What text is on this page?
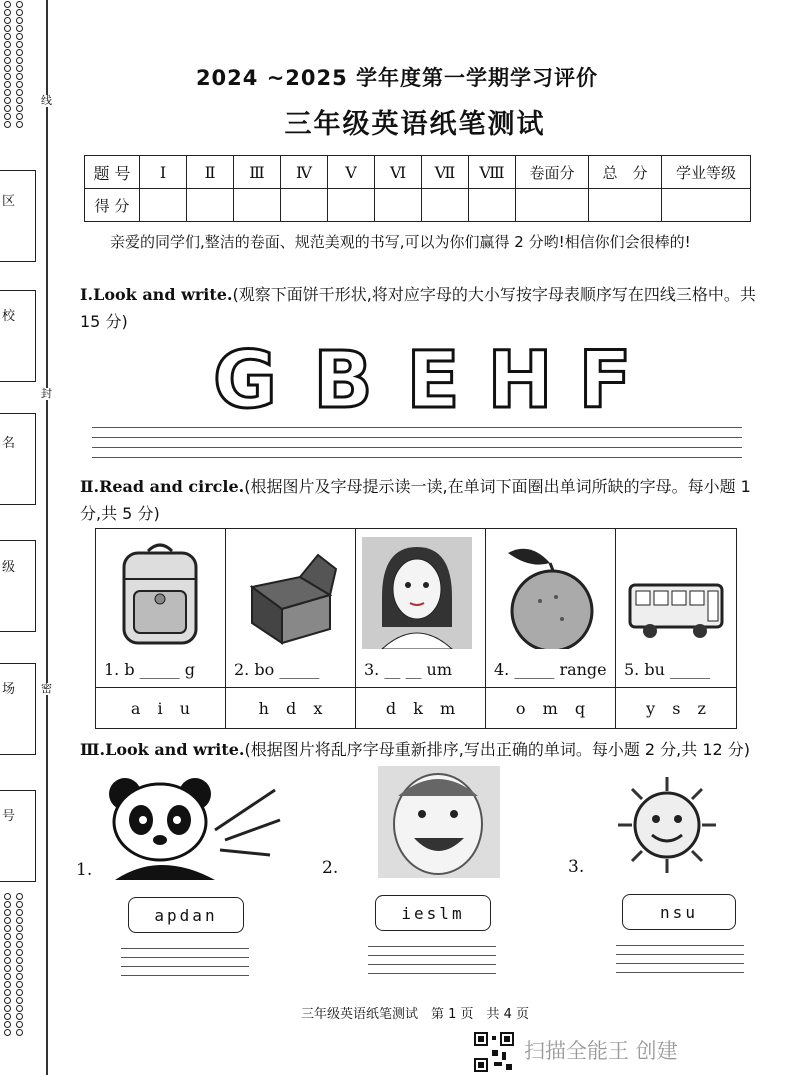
线
封
密
区
校
名
级
场
号
2024 ~2025 学年度第一学期学习评价
三年级英语纸笔测试
题 号	Ⅰ	Ⅱ	Ⅲ	Ⅳ	Ⅴ	Ⅵ	Ⅶ	Ⅷ	卷面分	总　分	学业等级
得 分											
　　亲爱的同学们,整洁的卷面、规范美观的书写,可以为你们赢得 2 分哟!相信你们会很棒的!
Ⅰ.Look and write.(观察下面饼干形状,将对应字母的大小写按字母表顺序写在四线三格中。共 15 分)
G B E H F
Ⅱ.Read and circle.(根据图片及字母提示读一读,在单词下面圈出单词所缺的字母。每小题 1 分,共 5 分)
1. b _____ g	2. bo _____	3. __ __ um	4. _____ range	5. bu _____

a i u	h d x	d k m	o m q	y s z
Ⅲ.Look and write.(根据图片将乱序字母重新排序,写出正确的单词。每小题 2 分,共 12 分)
1.	2.	3.
apdan	ieslm	nsu
三年级英语纸笔测试　第 1 页　共 4 页
扫描全能王 创建
